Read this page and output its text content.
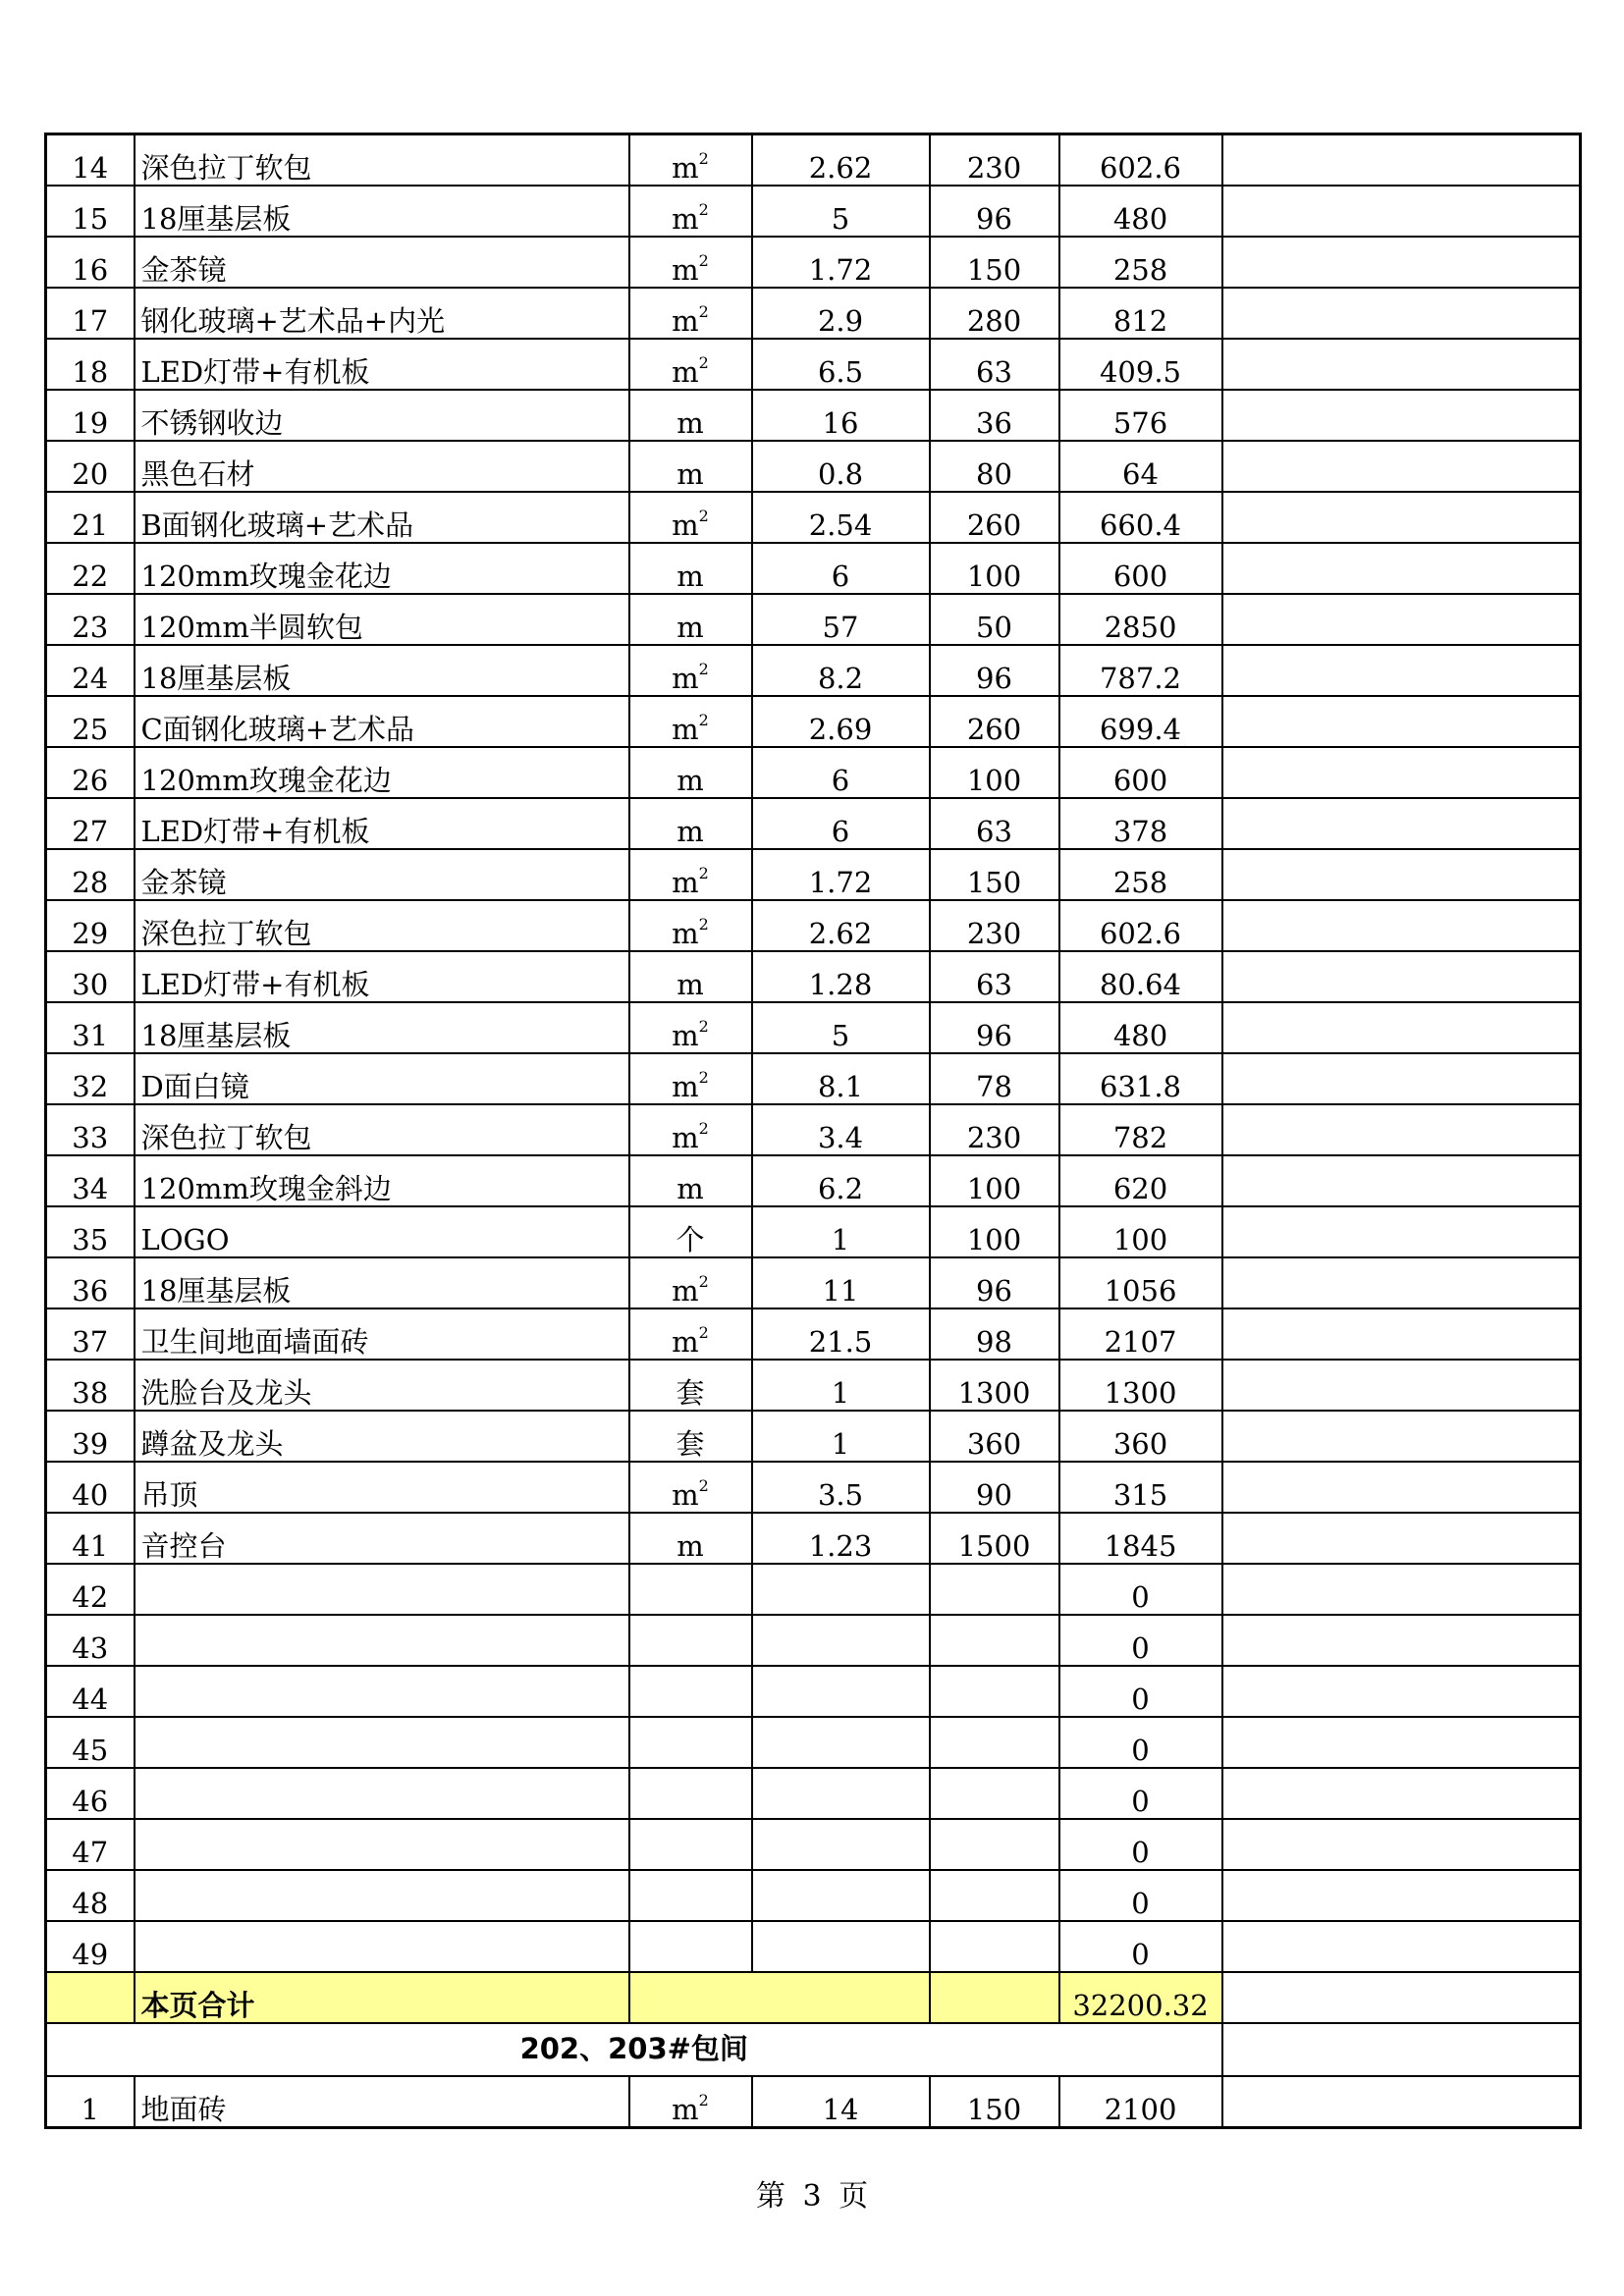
14	深色拉丁软包	$m^2$	2.62	230	602.6	
15	18厘基层板	$m^2$	5	96	480	
16	金茶镜	$m^2$	1.72	150	258	
17	钢化玻璃+艺术品+内光	$m^2$	2.9	280	812	
18	LED灯带+有机板	$m^2$	6.5	63	409.5	
19	不锈钢收边	m	16	36	576	
20	黑色石材	m	0.8	80	64	
21	B面钢化玻璃+艺术品	$m^2$	2.54	260	660.4	
22	120mm玫瑰金花边	m	6	100	600	
23	120mm半圆软包	m	57	50	2850	
24	18厘基层板	$m^2$	8.2	96	787.2	
25	C面钢化玻璃+艺术品	$m^2$	2.69	260	699.4	
26	120mm玫瑰金花边	m	6	100	600	
27	LED灯带+有机板	m	6	63	378	
28	金茶镜	$m^2$	1.72	150	258	
29	深色拉丁软包	$m^2$	2.62	230	602.6	
30	LED灯带+有机板	m	1.28	63	80.64	
31	18厘基层板	$m^2$	5	96	480	
32	D面白镜	$m^2$	8.1	78	631.8	
33	深色拉丁软包	$m^2$	3.4	230	782	
34	120mm玫瑰金斜边	m	6.2	100	620	
35	LOGO	个	1	100	100	
36	18厘基层板	$m^2$	11	96	1056	
37	卫生间地面墙面砖	$m^2$	21.5	98	2107	
38	洗脸台及龙头	套	1	1300	1300	
39	蹲盆及龙头	套	1	360	360	
40	吊顶	$m^2$	3.5	90	315	
41	音控台	m	1.23	1500	1845	
42					0	
43					0	
44					0	
45					0	
46					0	
47					0	
48					0	
49					0	
	本页合计				32200.32	
202、203#包间						
1	地面砖	$m^2$	14	150	2100	
第 3 页
